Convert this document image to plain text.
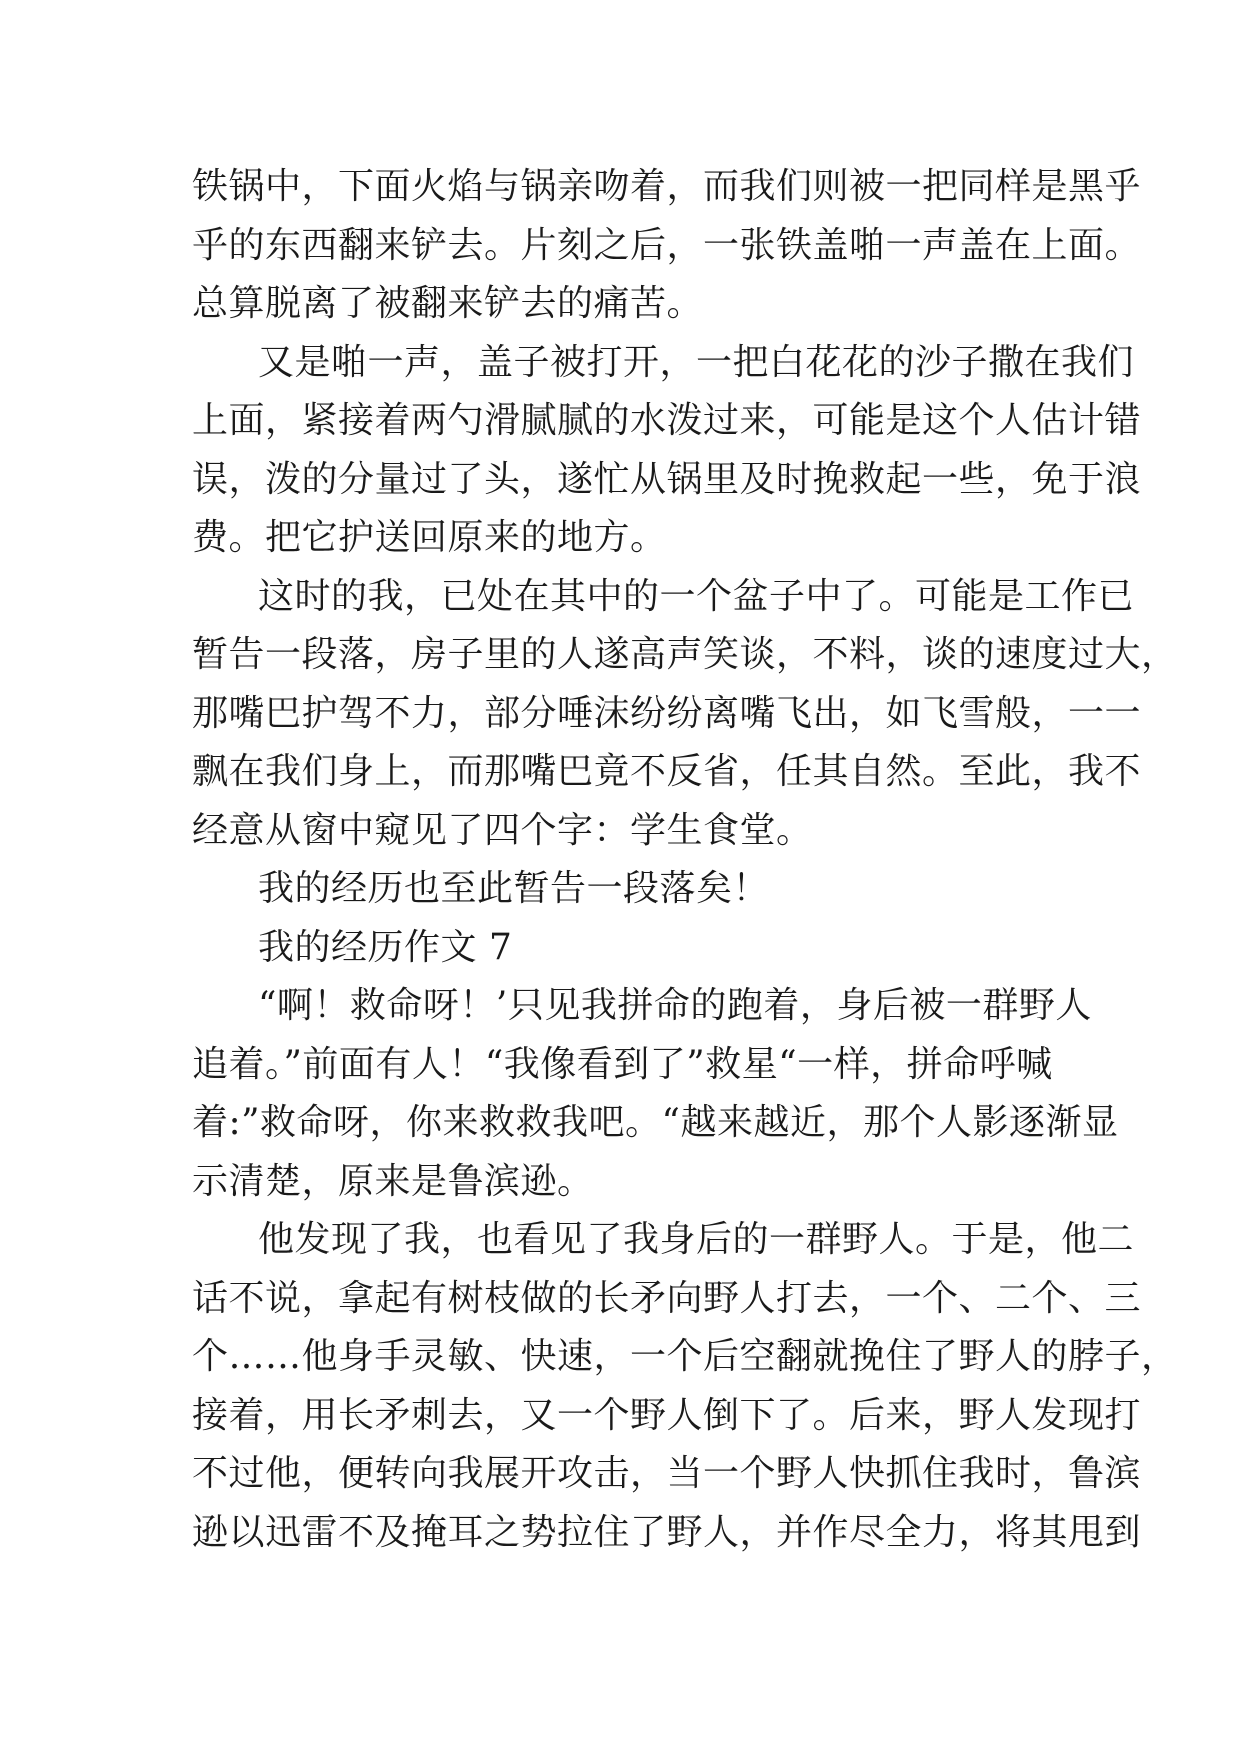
铁锅中，下面火焰与锅亲吻着，而我们则被一把同样是黑乎
乎的东西翻来铲去。片刻之后，一张铁盖啪一声盖在上面。
总算脱离了被翻来铲去的痛苦。
又是啪一声，盖子被打开，一把白花花的沙子撒在我们
上面，紧接着两勺滑腻腻的水泼过来，可能是这个人估计错
误，泼的分量过了头，遂忙从锅里及时挽救起一些，免于浪
费。把它护送回原来的地方。
这时的我，已处在其中的一个盆子中了。可能是工作已
暂告一段落，房子里的人遂高声笑谈，不料，谈的速度过大，
那嘴巴护驾不力，部分唾沫纷纷离嘴飞出，如飞雪般，一一
飘在我们身上，而那嘴巴竟不反省，任其自然。至此，我不
经意从窗中窥见了四个字：学生食堂。
我的经历也至此暂告一段落矣！
我的经历作文 7
“啊！救命呀！’只见我拼命的跑着，身后被一群野人
追着。”前面有人！“我像看到了”救星“一样，拼命呼喊
着:”救命呀，你来救救我吧。“越来越近，那个人影逐渐显
示清楚，原来是鲁滨逊。
他发现了我，也看见了我身后的一群野人。于是，他二
话不说，拿起有树枝做的长矛向野人打去，一个、二个、三
个……他身手灵敏、快速，一个后空翻就挽住了野人的脖子，
接着，用长矛刺去，又一个野人倒下了。后来，野人发现打
不过他，便转向我展开攻击，当一个野人快抓住我时，鲁滨
逊以迅雷不及掩耳之势拉住了野人，并作尽全力，将其甩到
